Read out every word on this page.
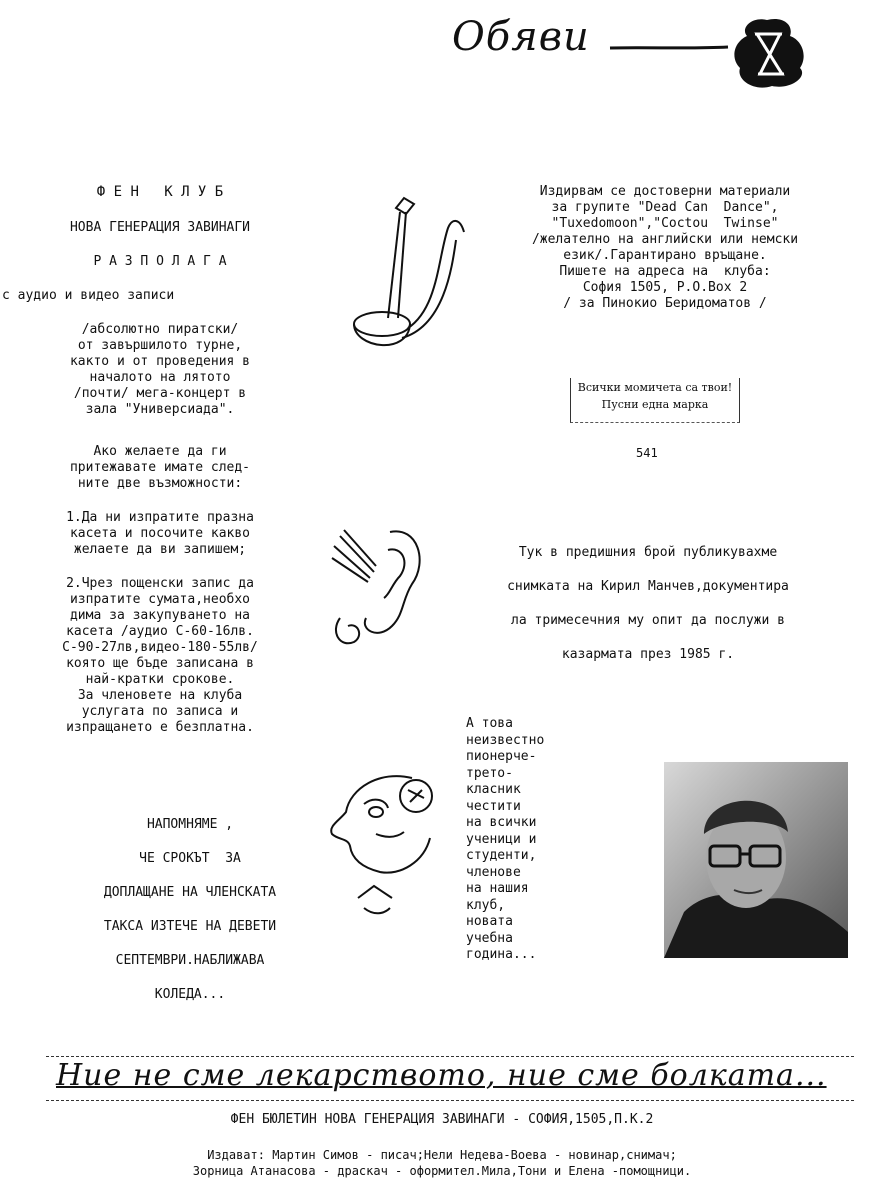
Обяви
Ф Е Н   К Л У Б
НОВА ГЕНЕРАЦИЯ ЗАВИНАГИ
Р А З П О Л А Г А
с аудио и видео записи
/абсолютно пиратски/
от завършилото турне,
както и от проведения в
началото на лятото
/почти/ мега-концерт в
зала "Универсиада".
Ако желаете да ги
притежавате имате след-
ните две възможности:
1.Да ни изпратите празна
касета и посочите какво
желаете да ви запишем;
2.Чрез пощенски запис да
изпратите сумата,необхо
дима за закупуването на
касета /аудио С-60-16лв.
С-90-27лв,видео-180-55лв/
която ще бъде записана в
най-кратки срокове.
За членовете на клуба
услугата по записа и
изпращането е безплатна.
НАПОМНЯМЕ ,
ЧЕ СРОКЪТ  ЗА
ДОПЛАЩАНЕ НА ЧЛЕНСКАТА
ТАКСА ИЗТЕЧЕ НА ДЕВЕТИ
СЕПТЕМВРИ.НАБЛИЖАВА
КОЛЕДА...
Издирвам се достоверни материали
за групите "Dead Can  Dance",
"Tuxedomoon","Coctou  Twinse"
/желателно на английски или немски
език/.Гарантирано връщане.
Пишете на адреса на  клуба:
София 1505, P.O.Box 2
/ за Пинокио Беридоматов /
Всички момичета са твои!
Пусни една марка
541
Тук в предишния брой публикувахме
снимката на Кирил Манчев,документира
ла тримесечния му опит да послужи в
казармата през 1985 г.
А това
неизвестно
пионерче-
трето-
класник
честити
на всички
ученици и
студенти,
членове
на нашия
клуб,
новата
учебна
година...
Ние не сме лекарството, ние сме болката...
ФЕН БЮЛЕТИН НОВА ГЕНЕРАЦИЯ ЗАВИНАГИ - СОФИЯ,1505,П.К.2
Издават: Мартин Симов - писач;Нели Недева-Воева - новинар,снимач;
Зорница Атанасова - драскач - оформител.Мила,Тони и Елена -помощници.
